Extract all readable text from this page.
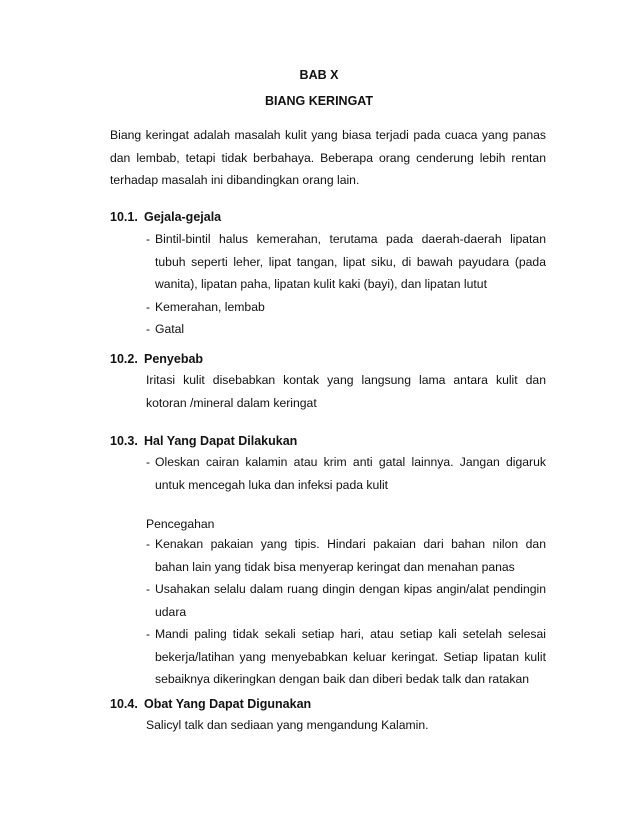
BAB X
BIANG KERINGAT
Biang keringat adalah masalah kulit yang biasa terjadi pada cuaca yang panas dan lembab, tetapi tidak berbahaya. Beberapa orang cenderung lebih rentan terhadap masalah ini dibandingkan orang lain.
10.1. Gejala-gejala
- Bintil-bintil halus kemerahan, terutama pada daerah-daerah lipatan tubuh seperti leher, lipat tangan, lipat siku, di bawah payudara (pada wanita), lipatan paha, lipatan kulit kaki (bayi), dan lipatan lutut
- Kemerahan, lembab
- Gatal
10.2. Penyebab
Iritasi kulit disebabkan kontak yang langsung lama antara kulit dan kotoran /mineral dalam keringat
10.3. Hal Yang Dapat Dilakukan
- Oleskan cairan kalamin atau krim anti gatal lainnya. Jangan digaruk untuk mencegah luka dan infeksi pada kulit
Pencegahan
- Kenakan pakaian yang tipis. Hindari pakaian dari bahan nilon dan bahan lain yang tidak bisa menyerap keringat dan menahan panas
- Usahakan selalu dalam ruang dingin dengan kipas angin/alat pendingin udara
- Mandi paling tidak sekali setiap hari, atau setiap kali setelah selesai bekerja/latihan yang menyebabkan keluar keringat. Setiap lipatan kulit sebaiknya dikeringkan dengan baik dan diberi bedak talk dan ratakan
10.4. Obat Yang Dapat Digunakan
Salicyl talk dan sediaan yang mengandung Kalamin.
